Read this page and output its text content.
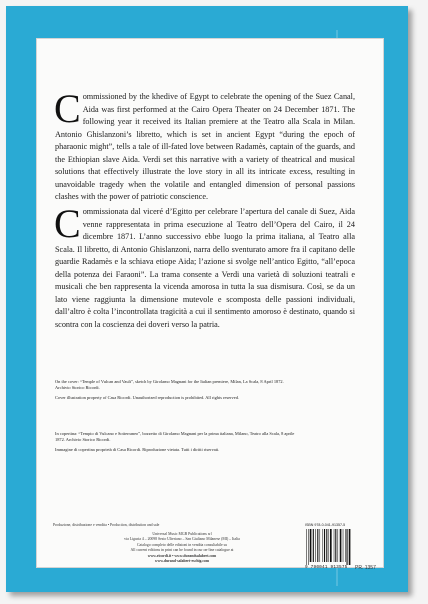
Commissioned by the khedive of Egypt to celebrate the opening of the Suez Canal, Aida was first performed at the Cairo Opera Theater on 24 December 1871. The following year it received its Italian premiere at the Teatro alla Scala in Milan. Antonio Ghislanzoni’s libretto, which is set in ancient Egypt “during the epoch of pharaonic might”, tells a tale of ill-fated love between Radamès, captain of the guards, and the Ethiopian slave Aida. Verdi set this narrative with a variety of theatrical and musical solutions that effectively illustrate the love story in all its intricate excess, resulting in unavoidable tragedy when the volatile and entangled dimension of personal passions clashes with the power of patriotic conscience.
Commissionata dal viceré d’Egitto per celebrare l’apertura del canale di Suez, Aida venne rappresentata in prima esecuzione al Teatro dell’Opera del Cairo, il 24 dicembre 1871. L’anno successivo ebbe luogo la prima italiana, al Teatro alla Scala. Il libretto, di Antonio Ghislanzoni, narra dello sventurato amore fra il capitano delle guardie Radamès e la schiava etiope Aida; l’azione si svolge nell’antico Egitto, “all’epoca della potenza dei Faraoni”. La trama consente a Verdi una varietà di soluzioni teatrali e musicali che ben rappresenta la vicenda amorosa in tutta la sua dismisura. Così, se da un lato viene raggiunta la dimensione mutevole e scomposta delle passioni individuali, dall’altro è colta l’incontrollata tragicità a cui il sentimento amoroso è destinato, quando si scontra con la coscienza dei doveri verso la patria.
On the cover: “Temple of Vulcan and Vault”, sketch by Girolamo Magnani for the Italian premiere, Milan, La Scala, 8 April 1872. Archivio Storico Ricordi.
Cover illustration property of Casa Ricordi. Unauthorized reproduction is prohibited. All rights reserved.
In copertina: “Tempio di Vulcano e Sotterraneo”, bozzetto di Girolamo Magnani per la prima italiana, Milano, Teatro alla Scala, 8 aprile 1872. Archivio Storico Ricordi.
Immagine di copertina proprietà di Casa Ricordi. Riproduzione vietata. Tutti i diritti riservati.
Produzione, distribuzione e vendita • Production, distribution and sale
Universal Music MGB Publications srl
via Liguria 4 – 20098 Sesto Ulteriano – San Giuliano Milanese (MI) – Italia
Catalogo completo delle edizioni in vendita consultabile su
All current editions in print can be found in our on-line catalogue at
www.ricordi.it • www.durandsalabert.com
www.durand-salabert-eschig.com
ISBN 978-0-041-91357-5
9 790041 913575	PR. 1357
